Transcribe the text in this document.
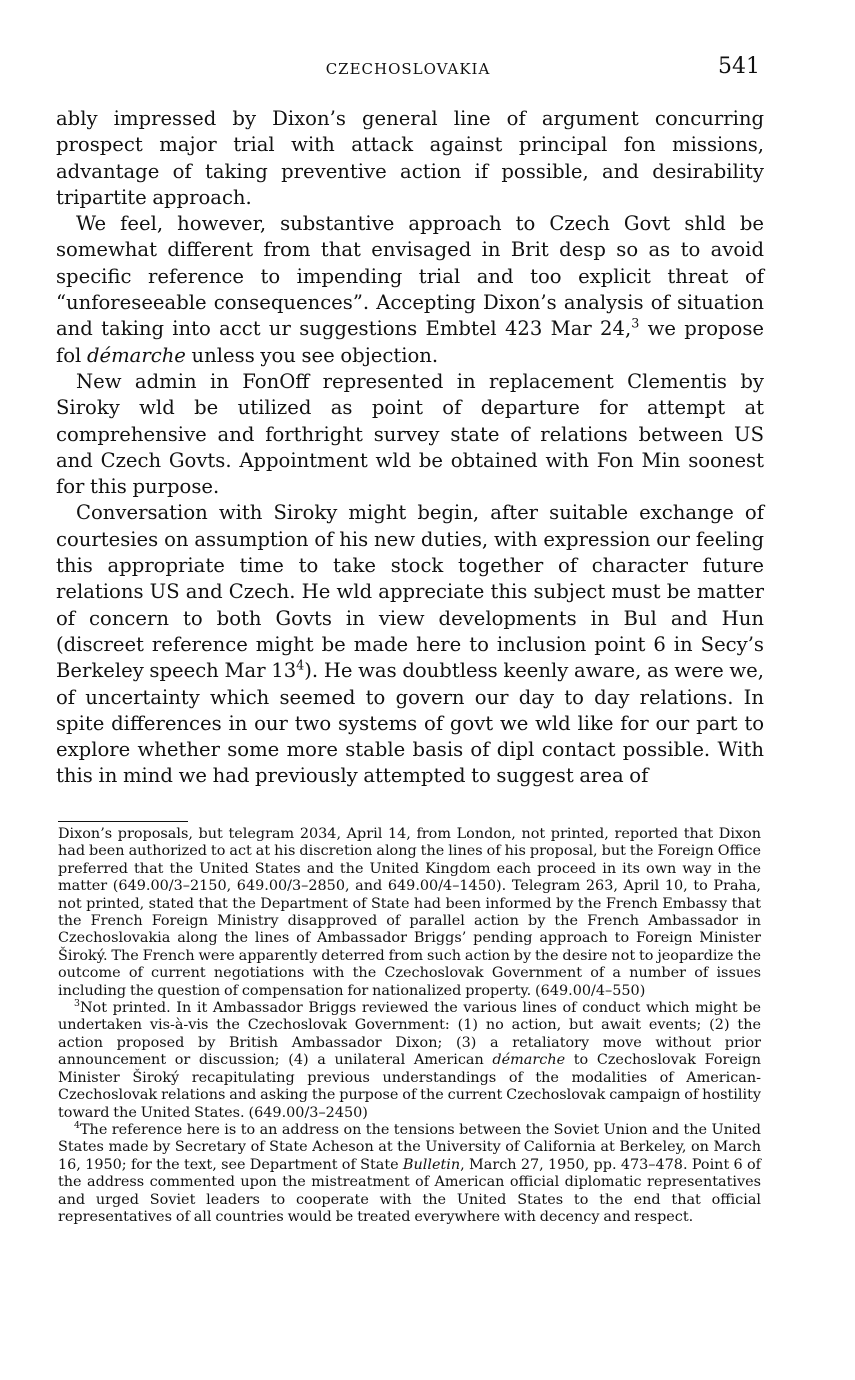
CZECHOSLOVAKIA	541

ably impressed by Dixon’s general line of argument concurring prospect major trial with attack against principal fon missions, advantage of taking preventive action if possible, and desirability tripartite approach.

We feel, however, substantive approach to Czech Govt shld be somewhat different from that envisaged in Brit desp so as to avoid specific reference to impending trial and too explicit threat of “unforeseeable consequences”. Accepting Dixon’s analysis of situation and taking into acct ur suggestions Embtel 423 Mar 24,$^3$ we propose fol démarche unless you see objection.

New admin in FonOff represented in replacement Clementis by Siroky wld be utilized as point of departure for attempt at comprehensive and forthright survey state of relations between US and Czech Govts. Appointment wld be obtained with Fon Min soonest for this purpose.

Conversation with Siroky might begin, after suitable exchange of courtesies on assumption of his new duties, with expression our feeling this appropriate time to take stock together of character future relations US and Czech. He wld appreciate this subject must be matter of concern to both Govts in view developments in Bul and Hun (discreet reference might be made here to inclusion point 6 in Secy’s Berkeley speech Mar $13^4$). He was doubtless keenly aware, as were we, of uncertainty which seemed to govern our day to day relations. In spite differences in our two systems of govt we wld like for our part to explore whether some more stable basis of dipl contact possible. With this in mind we had previously attempted to suggest area of

Dixon’s proposals, but telegram 2034, April 14, from London, not printed, reported that Dixon had been authorized to act at his discretion along the lines of his proposal, but the Foreign Office preferred that the United States and the United Kingdom each proceed in its own way in the matter (649.00/3–2150, 649.00/3–2850, and 649.00/4–1450). Telegram 263, April 10, to Praha, not printed, stated that the Department of State had been informed by the French Embassy that the French Foreign Ministry disapproved of parallel action by the French Ambassador in Czechoslovakia along the lines of Ambassador Briggs’ pending approach to Foreign Minister Široký. The French were apparently deterred from such action by the desire not to jeopardize the outcome of current negotiations with the Czechoslovak Government of a number of issues including the question of compensation for nationalized property. (649.00/4–550)

$^3$Not printed. In it Ambassador Briggs reviewed the various lines of conduct which might be undertaken vis-à-vis the Czechoslovak Government: (1) no action, but await events; (2) the action proposed by British Ambassador Dixon; (3) a retaliatory move without prior announcement or discussion; (4) a unilateral American démarche to Czechoslovak Foreign Minister Široký recapitulating previous understandings of the modalities of American-Czechoslovak relations and asking the purpose of the current Czechoslovak campaign of hostility toward the United States. (649.00/3–2450)

$^4$The reference here is to an address on the tensions between the Soviet Union and the United States made by Secretary of State Acheson at the University of California at Berkeley, on March 16, 1950; for the text, see Department of State Bulletin, March 27, 1950, pp. 473–478. Point 6 of the address commented upon the mistreatment of American official diplomatic representatives and urged Soviet leaders to cooperate with the United States to the end that official representatives of all countries would be treated everywhere with decency and respect.
